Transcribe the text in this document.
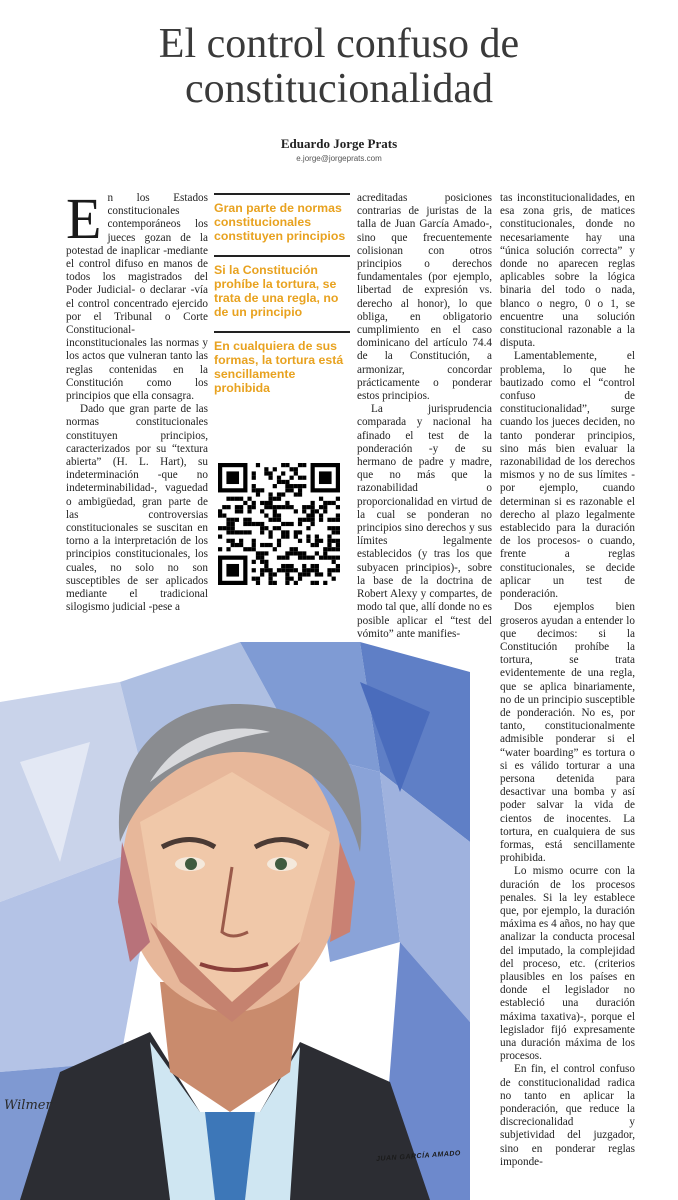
El control confuso de
constitucionalidad
Eduardo Jorge Prats
e.jorge@jorgeprats.com

En los Estados constitucionales contemporáneos los jueces gozan de la potestad de inaplicar -mediante el control difuso en manos de todos los magistrados del Poder Judicial- o declarar -vía el control concentrado ejercido por el Tribunal o Corte Constitucional- inconstitucionales las normas y los actos que vulneran tanto las reglas contenidas en la Constitución como los principios que ella consagra.

Dado que gran parte de las normas constitucionales constituyen principios, caracterizados por su “textura abierta” (H. L. Hart), su indeterminación -que no indeterminabilidad-, vaguedad o ambigüedad, gran parte de las controversias constitucionales se suscitan en torno a la interpretación de los principios constitucionales, los cuales, no solo no son susceptibles de ser aplicados mediante el tradicional silogismo judicial -pese a

Gran parte de normas constitucionales constituyen principios
Si la Constitución prohíbe la tortura, se trata de una regla, no de un principio
En cualquiera de sus formas, la tortura está sencillamente prohibida

acreditadas posiciones contrarias de juristas de la talla de Juan García Amado-, sino que frecuentemente colisionan con otros principios o derechos fundamentales (por ejemplo, libertad de expresión vs. derecho al honor), lo que obliga, en obligatorio cumplimiento en el caso dominicano del artículo 74.4 de la Constitución, a armonizar, concordar prácticamente o ponderar estos principios.

La jurisprudencia comparada y nacional ha afinado el test de la ponderación -y de su hermano de padre y madre, que no más que la razonabilidad o proporcionalidad en virtud de la cual se ponderan no principios sino derechos y sus límites legalmente establecidos (y tras los que subyacen principios)-, sobre la base de la doctrina de Robert Alexy y compartes, de modo tal que, allí donde no es posible aplicar el “test del vómito” ante manifies-

tas inconstitucionalidades, en esa zona gris, de matices constitucionales, donde no necesariamente hay una “única solución correcta” y donde no aparecen reglas aplicables sobre la lógica binaria del todo o nada, blanco o negro, 0 o 1, se encuentre una solución constitucional razonable a la disputa.

Lamentablemente, el problema, lo que he bautizado como el “control confuso de constitucionalidad”, surge cuando los jueces deciden, no tanto ponderar principios, sino más bien evaluar la razonabilidad de los derechos mismos y no de sus límites -por ejemplo, cuando determinan si es razonable el derecho al plazo legalmente establecido para la duración de los procesos- o cuando, frente a reglas constitucionales, se decide aplicar un test de ponderación.

Dos ejemplos bien groseros ayudan a entender lo que decimos: si la Constitución prohíbe la tortura, se trata evidentemente de una regla, que se aplica binariamente, no de un principio susceptible de ponderación. No es, por tanto, constitucionalmente admisible ponderar si el “water boarding” es tortura o si es válido torturar a una persona detenida para desactivar una bomba y así poder salvar la vida de cientos de inocentes. La tortura, en cualquiera de sus formas, está sencillamente prohibida.

Lo mismo ocurre con la duración de los procesos penales. Si la ley establece que, por ejemplo, la duración máxima es 4 años, no hay que analizar la conducta procesal del imputado, la complejidad del proceso, etc. (criterios plausibles en los países en donde el legislador no estableció una duración máxima taxativa)-, porque el legislador fijó expresamente una duración máxima de los procesos.

En fin, el control confuso de constitucionalidad radica no tanto en aplicar la ponderación, que reduce la discrecionalidad y subjetividad del juzgador, sino en ponderar reglas imponde-

Wilmer
JUAN GARCÍA AMADO
